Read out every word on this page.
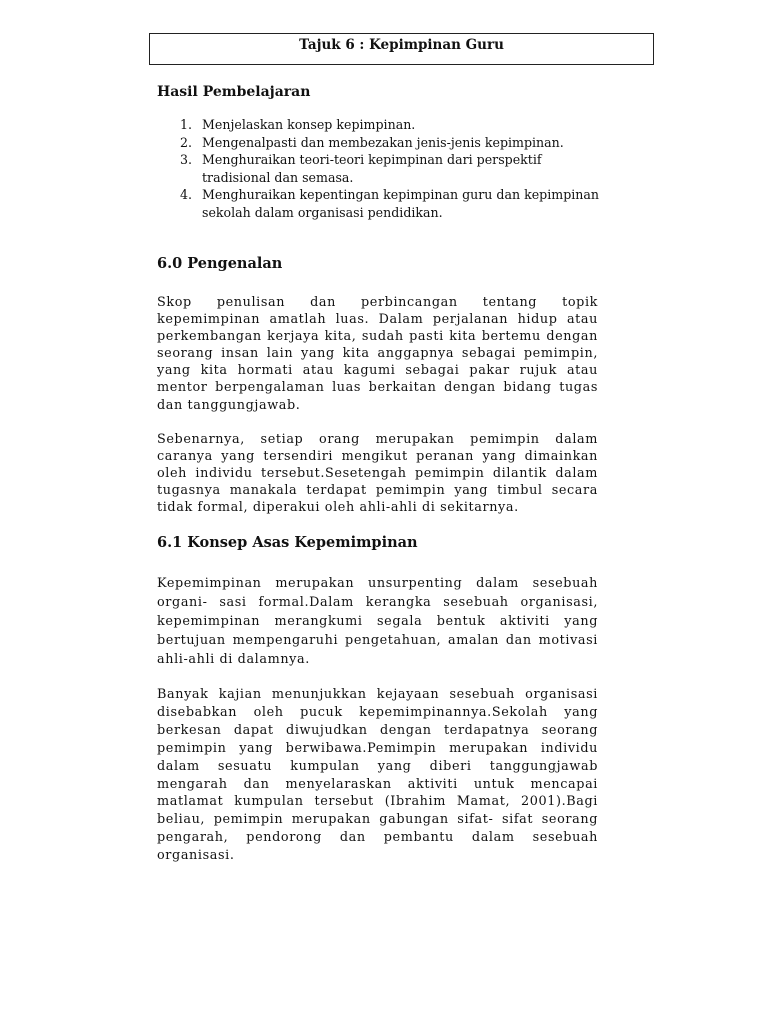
Tajuk 6 : Kepimpinan Guru
Hasil Pembelajaran
1. Menjelaskan konsep kepimpinan.
2. Mengenalpasti dan membezakan jenis-jenis kepimpinan.
3. Menghuraikan teori-teori kepimpinan dari perspektif tradisional dan semasa.
4. Menghuraikan kepentingan kepimpinan guru dan kepimpinan sekolah dalam organisasi pendidikan.
6.0 Pengenalan

Skop penulisan dan perbincangan tentang topik kepemimpinan amatlah luas. Dalam perjalanan hidup atau perkembangan kerjaya kita, sudah pasti kita bertemu dengan seorang insan lain yang kita anggapnya sebagai pemimpin, yang kita hormati atau kagumi sebagai pakar rujuk atau mentor berpengalaman luas berkaitan dengan bidang tugas dan tanggungjawab.

Sebenarnya, setiap orang merupakan pemimpin dalam caranya yang tersendiri mengikut peranan yang dimainkan oleh individu tersebut.Sesetengah pemimpin dilantik dalam tugasnya manakala terdapat pemimpin yang timbul secara tidak formal, diperakui oleh ahli-ahli di sekitarnya.

6.1 Konsep Asas Kepemimpinan

Kepemimpinan merupakan unsurpenting dalam sesebuah organi- sasi formal.Dalam kerangka sesebuah organisasi, kepemimpinan merangkumi segala bentuk aktiviti yang bertujuan mempengaruhi pengetahuan, amalan dan motivasi ahli-ahli di dalamnya.

Banyak kajian menunjukkan kejayaan sesebuah organisasi disebabkan oleh pucuk kepemimpinannya.Sekolah yang berkesan dapat diwujudkan dengan terdapatnya seorang pemimpin yang berwibawa.Pemimpin merupakan individu dalam sesuatu kumpulan yang diberi tanggungjawab mengarah dan menyelaraskan aktiviti untuk mencapai matlamat kumpulan tersebut (Ibrahim Mamat, 2001).Bagi beliau, pemimpin merupakan gabungan sifat- sifat seorang pengarah, pendorong dan pembantu dalam sesebuah organisasi.
